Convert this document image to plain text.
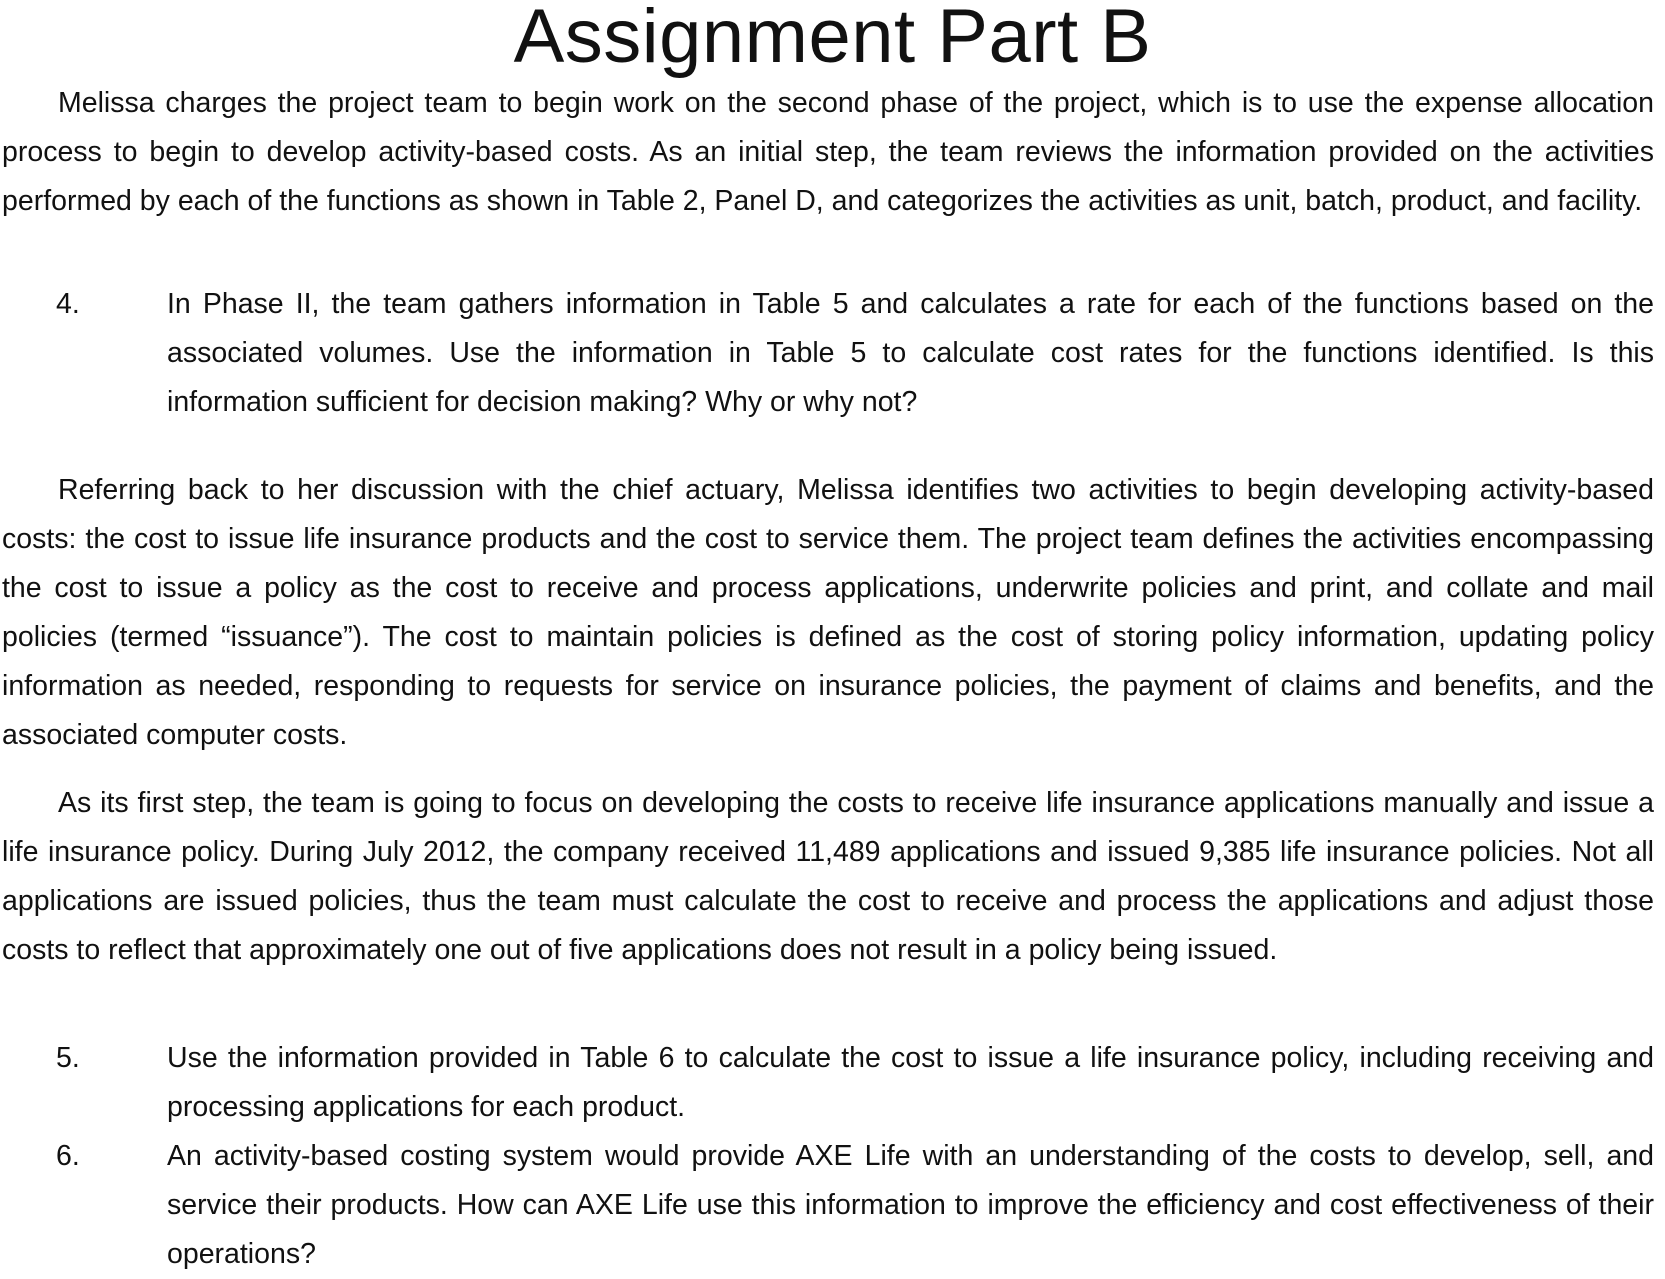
Assignment Part B

Melissa charges the project team to begin work on the second phase of the project, which is to use the expense allocation process to begin to develop activity-based costs. As an initial step, the team reviews the information provided on the activities performed by each of the functions as shown in Table 2, Panel D, and categorizes the activities as unit, batch, product, and facility.

4.	In Phase II, the team gathers information in Table 5 and calculates a rate for each of the functions based on the associated volumes. Use the information in Table 5 to calculate cost rates for the functions identified. Is this information sufficient for decision making? Why or why not?

Referring back to her discussion with the chief actuary, Melissa identifies two activities to begin developing activity-based costs: the cost to issue life insurance products and the cost to service them. The project team defines the activities encompassing the cost to issue a policy as the cost to receive and process applications, underwrite policies and print, and collate and mail policies (termed “issuance”). The cost to maintain policies is defined as the cost of storing policy information, updating policy information as needed, responding to requests for service on insurance policies, the payment of claims and benefits, and the associated computer costs.

As its first step, the team is going to focus on developing the costs to receive life insurance applications manually and issue a life insurance policy. During July 2012, the company received 11,489 applications and issued 9,385 life insurance policies. Not all applications are issued policies, thus the team must calculate the cost to receive and process the applications and adjust those costs to reflect that approximately one out of five applications does not result in a policy being issued.

5.	Use the information provided in Table 6 to calculate the cost to issue a life insurance policy, including receiving and processing applications for each product.

6.	An activity-based costing system would provide AXE Life with an understanding of the costs to develop, sell, and service their products. How can AXE Life use this information to improve the efficiency and cost effectiveness of their operations?
